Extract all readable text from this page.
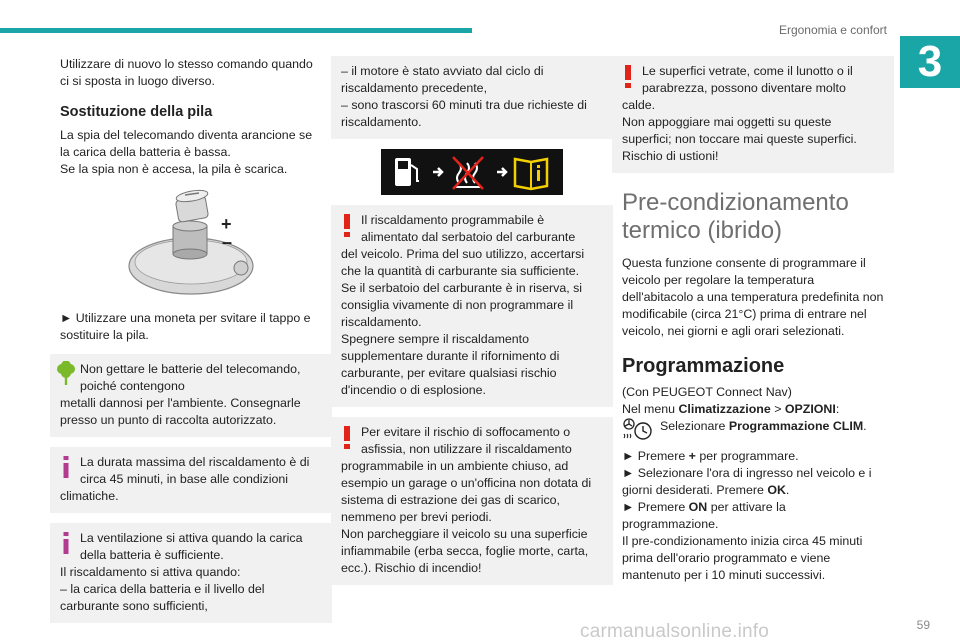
Ergonomia e confort
3

Utilizzare di nuovo lo stesso comando quando ci si sposta in luogo diverso.

Sostituzione della pila

La spia del telecomando diventa arancione se la carica della batteria è bassa.

Se la spia non è accesa, la pila è scarica.

+
–

► Utilizzare una moneta per svitare il tappo e sostituire la pila.

Non gettare le batterie del telecomando, poiché contengono

metalli dannosi per l'ambiente. Consegnarle presso un punto di raccolta autorizzato.

La durata massima del riscaldamento è di circa 45 minuti, in base alle condizioni

climatiche.

La ventilazione si attiva quando la carica della batteria è sufficiente.

Il riscaldamento si attiva quando:

– la carica della batteria e il livello del carburante sono sufficienti,

– il motore è stato avviato dal ciclo di riscaldamento precedente,

– sono trascorsi 60 minuti tra due richieste di riscaldamento.

Il riscaldamento programmabile è alimentato dal serbatoio del carburante

del veicolo. Prima del suo utilizzo, accertarsi che la quantità di carburante sia sufficiente.

Se il serbatoio del carburante è in riserva, si consiglia vivamente di non programmare il riscaldamento.

Spegnere sempre il riscaldamento supplementare durante il rifornimento di carburante, per evitare qualsiasi rischio d'incendio o di esplosione.

Per evitare il rischio di soffocamento o asfissia, non utilizzare il riscaldamento

programmabile in un ambiente chiuso, ad esempio un garage o un'officina non dotata di sistema di estrazione dei gas di scarico, nemmeno per brevi periodi.

Non parcheggiare il veicolo su una superficie infiammabile (erba secca, foglie morte, carta, ecc.). Rischio di incendio!

Le superfici vetrate, come il lunotto o il parabrezza, possono diventare molto

calde.

Non appoggiare mai oggetti su queste superfici; non toccare mai queste superfici.

Rischio di ustioni!

Pre-condizionamento termico (ibrido)

Questa funzione consente di programmare il veicolo per regolare la temperatura dell'abitacolo a una temperatura predefinita non modificabile (circa 21°C) prima di entrare nel veicolo, nei giorni e agli orari selezionati.

Programmazione

(Con PEUGEOT Connect Nav)

Nel menu Climatizzazione > OPZIONI:

Selezionare Programmazione CLIM.

► Premere + per programmare.

► Selezionare l'ora di ingresso nel veicolo e i giorni desiderati. Premere OK.

► Premere ON per attivare la programmazione.

Il pre-condizionamento inizia circa 45 minuti prima dell'orario programmato e viene mantenuto per i 10 minuti successivi.

59
carmanualsonline.info
